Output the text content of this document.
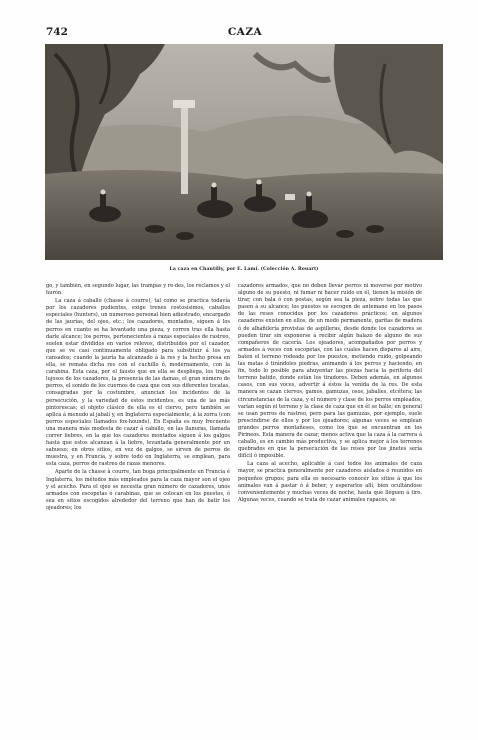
742	CAZA
La caza en Chantilly, por E. Lami. (Colección A. Rouart)

go, y también, en segundo lugar, las trampas y re-des, los reclamos y el hurón.

La caza á caballo (chasse à courre), tal como se practica todavía por los cazadores pudientes, exige trenes costosísimos, caballos especiales (hunters), un numeroso personal bien adiestrado, encargado de las jaurías, del ojeo, etc.; los cazadores, montados, siguen á los perros en cuanto se ha levantado una pieza, y corren tras ella hasta darle alcance; los perros, pertenecientes á razas especiales de rastreo, suelen estar divididos en varios relevos, distribuidos por el cazador, que se ve casi continuamente obligado para substituir á los ya cansados; cuando la jauría ha alcanzado á la res y la hecho presa en ella, se remata dicha res con el cuchillo ó, modernamente, con la carabina. Esta caza, por el fausto que en ella se despliega, los trajes lujosos de los cazadores, la presencia de las damas, el gran número de perros, el sonido de los cuernos de caza que con sus diferentes tocatas, consagradas por la costumbre, anuncian los incidentes de la persecución, y la variedad de estos incidentes, es una de las más pintorescas; el objeto clásico de ella es el ciervo, pero también se aplica á menudo al jabalí y, en Inglaterra especialmente, á la zorra (con perros especiales llamados fox-hounds). En España es muy frecuente una manera más modesta de cazar á caballo, en las llanuras, llamada correr liebres, en la que los cazadores montados siguen á los galgos hasta que estos alcanzan á la liebre, levantada generalmente por un sabueso; en otros sitios, en vez de galgos, se sirven de perros de muestra, y en Francia, y sobre todo en Inglaterra, se emplean, para esta caza, perros de rastreo de razas menores.

Aparte de la chasse à courre, tan boga principalmente en Francia é Inglaterra, los métodos más empleados para la caza mayor son el ojeo y el acecho. Para el ojeo se necesita gran número de cazadores, unos armados con escopetas ó carabinas, que se colocan en los puestos, ó sea en sitios escogidos alrededor del terreno que han de batir los ojeadores; los

cazadores armados, que no deben llevar perros ni moverse por motivo alguno de su puesto, ni fumar ni hacer ruido en él, tienen la misión de tirar, con bala ó con postas, según sea la pieza, sobre todas las que pasen á su alcance; los puestos se escogen de antemano en los pasos de las reses conocidos por los cazadores prácticos; en algunos cazaderos existen en ellos, de un modo permanente, garitas de madera ó de albañilería provistas de aspilleras, desde donde los cazadores se pueden tirar sin exponerse á recibir algún balazo de alguno de sus compañeros de cacería. Los ojeadores, acompañados por perros y armados á veces con escopetas, con las cuales hacen disparos al aire, baten el terreno rodeado por los puestos, metiendo ruido, golpeando las matas ó tirándoles piedras, animando á los perros y haciendo, en fin, todo lo posible para ahuyentar las piezas hacia la periferia del terreno batido, donde están los tiradores. Deben además, en algunos casos, con sus voces, advertir á éstos la venida de la res. De esta manera se cazan ciervos, gamos, gamuzas, osos, jabalíes, etcétera; las circunstancias de la caza, y el número y clase de los perros empleados, varían según el terreno y la clase de caza que en él se halle; en general se usan perros de rastreo, pero para las gamuzas, por ejemplo, suele prescindirse de ellos y por los ojeadores; algunas veces se emplean grandes perros montañeses, como los que se encuentran en los Pirineos. Esta manera de cazar, menos activa que la caza á la carrera á caballo, es en cambio más productiva, y se aplica mejor á los terrenos quebrados en que la persecución de las reses por los jinetes sería difícil ó imposible.

La caza al acecho, aplicable á casi todos los animales de caza mayor, se practica generalmente por cazadores aislados ó reunidos en pequeños grupos; para ella es necesario conocer los sitios á que los animales van á pastar ó á beber, y esperarlos allí, bien ocultándose convenientemente y muchas veces de noche, hasta que lleguen á tiro. Algunas veces, cuando se trata de cazar animales rapaces, se
